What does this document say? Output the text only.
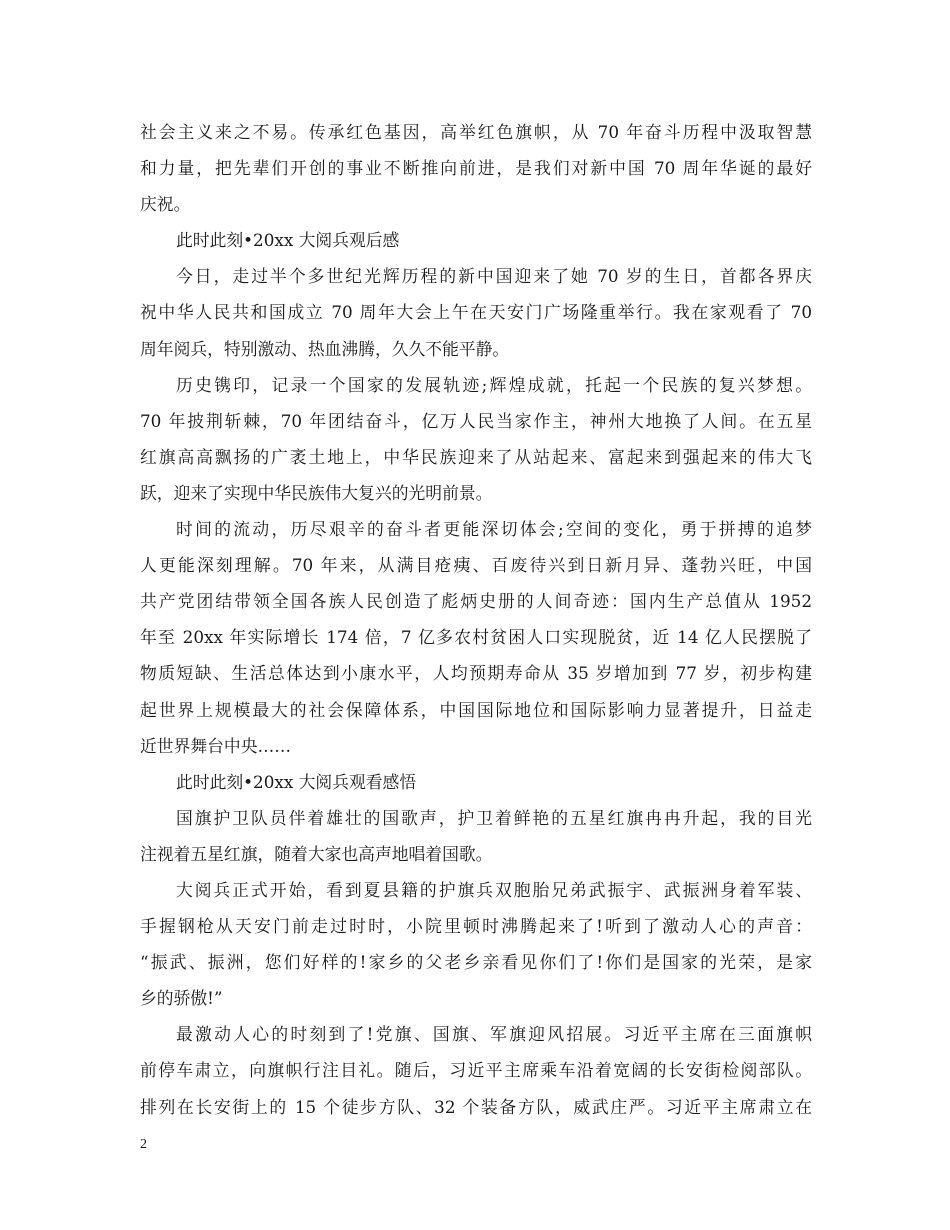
社会主义来之不易。传承红色基因，高举红色旗帜，从 70 年奋斗历程中汲取智慧
和力量，把先辈们开创的事业不断推向前进，是我们对新中国 70 周年华诞的最好
庆祝。
此时此刻•20xx 大阅兵观后感
今日，走过半个多世纪光辉历程的新中国迎来了她 70 岁的生日，首都各界庆
祝中华人民共和国成立 70 周年大会上午在天安门广场隆重举行。我在家观看了 70
周年阅兵，特别激动、热血沸腾，久久不能平静。
历史镌印，记录一个国家的发展轨迹;辉煌成就，托起一个民族的复兴梦想。
70 年披荆斩棘，70 年团结奋斗，亿万人民当家作主，神州大地换了人间。在五星
红旗高高飘扬的广袤土地上，中华民族迎来了从站起来、富起来到强起来的伟大飞
跃，迎来了实现中华民族伟大复兴的光明前景。
时间的流动，历尽艰辛的奋斗者更能深切体会;空间的变化，勇于拼搏的追梦
人更能深刻理解。70 年来，从满目疮痍、百废待兴到日新月异、蓬勃兴旺，中国
共产党团结带领全国各族人民创造了彪炳史册的人间奇迹：国内生产总值从 1952
年至 20xx 年实际增长 174 倍，7 亿多农村贫困人口实现脱贫，近 14 亿人民摆脱了
物质短缺、生活总体达到小康水平，人均预期寿命从 35 岁增加到 77 岁，初步构建
起世界上规模最大的社会保障体系，中国国际地位和国际影响力显著提升，日益走
近世界舞台中央……
此时此刻•20xx 大阅兵观看感悟
国旗护卫队员伴着雄壮的国歌声，护卫着鲜艳的五星红旗冉冉升起，我的目光
注视着五星红旗，随着大家也高声地唱着国歌。
大阅兵正式开始，看到夏县籍的护旗兵双胞胎兄弟武振宇、武振洲身着军装、
手握钢枪从天安门前走过时时，小院里顿时沸腾起来了!听到了激动人心的声音：
“振武、振洲，您们好样的!家乡的父老乡亲看见你们了!你们是国家的光荣，是家
乡的骄傲!”
最激动人心的时刻到了!党旗、国旗、军旗迎风招展。习近平主席在三面旗帜
前停车肃立，向旗帜行注目礼。随后，习近平主席乘车沿着宽阔的长安街检阅部队。
排列在长安街上的 15 个徒步方队、32 个装备方队，威武庄严。习近平主席肃立在
2
